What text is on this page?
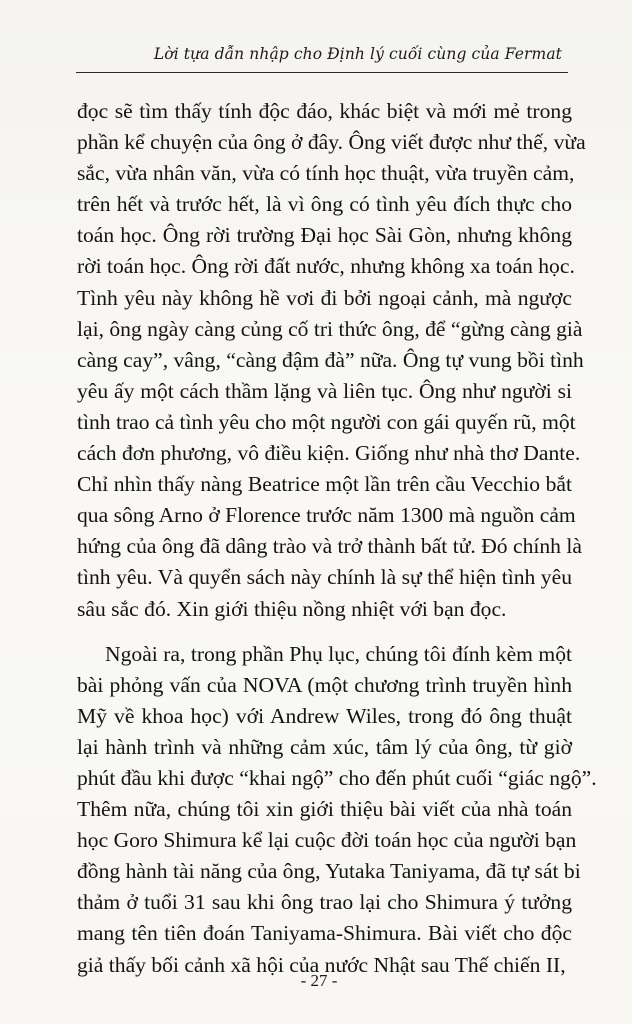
Lời tựa dẫn nhập cho Định lý cuối cùng của Fermat

đọc sẽ tìm thấy tính độc đáo, khác biệt và mới mẻ trong
phần kể chuyện của ông ở đây. Ông viết được như thế, vừa
sắc, vừa nhân văn, vừa có tính học thuật, vừa truyền cảm,
trên hết và trước hết, là vì ông có tình yêu đích thực cho
toán học. Ông rời trường Đại học Sài Gòn, nhưng không
rời toán học. Ông rời đất nước, nhưng không xa toán học.
Tình yêu này không hề vơi đi bởi ngoại cảnh, mà ngược
lại, ông ngày càng củng cố tri thức ông, để “gừng càng già
càng cay”, vâng, “càng đậm đà” nữa. Ông tự vung bồi tình
yêu ấy một cách thầm lặng và liên tục. Ông như người si
tình trao cả tình yêu cho một người con gái quyến rũ, một
cách đơn phương, vô điều kiện. Giống như nhà thơ Dante.
Chỉ nhìn thấy nàng Beatrice một lần trên cầu Vecchio bắt
qua sông Arno ở Florence trước năm 1300 mà nguồn cảm
hứng của ông đã dâng trào và trở thành bất tử. Đó chính là
tình yêu. Và quyển sách này chính là sự thể hiện tình yêu
sâu sắc đó. Xin giới thiệu nồng nhiệt với bạn đọc.

Ngoài ra, trong phần Phụ lục, chúng tôi đính kèm một
bài phỏng vấn của NOVA (một chương trình truyền hình
Mỹ về khoa học) với Andrew Wiles, trong đó ông thuật
lại hành trình và những cảm xúc, tâm lý của ông, từ giờ
phút đầu khi được “khai ngộ” cho đến phút cuối “giác ngộ”.
Thêm nữa, chúng tôi xin giới thiệu bài viết của nhà toán
học Goro Shimura kể lại cuộc đời toán học của người bạn
đồng hành tài năng của ông, Yutaka Taniyama, đã tự sát bi
thảm ở tuổi 31 sau khi ông trao lại cho Shimura ý tưởng
mang tên tiên đoán Taniyama-Shimura. Bài viết cho độc
giả thấy bối cảnh xã hội của nước Nhật sau Thế chiến II,

- 27 -
